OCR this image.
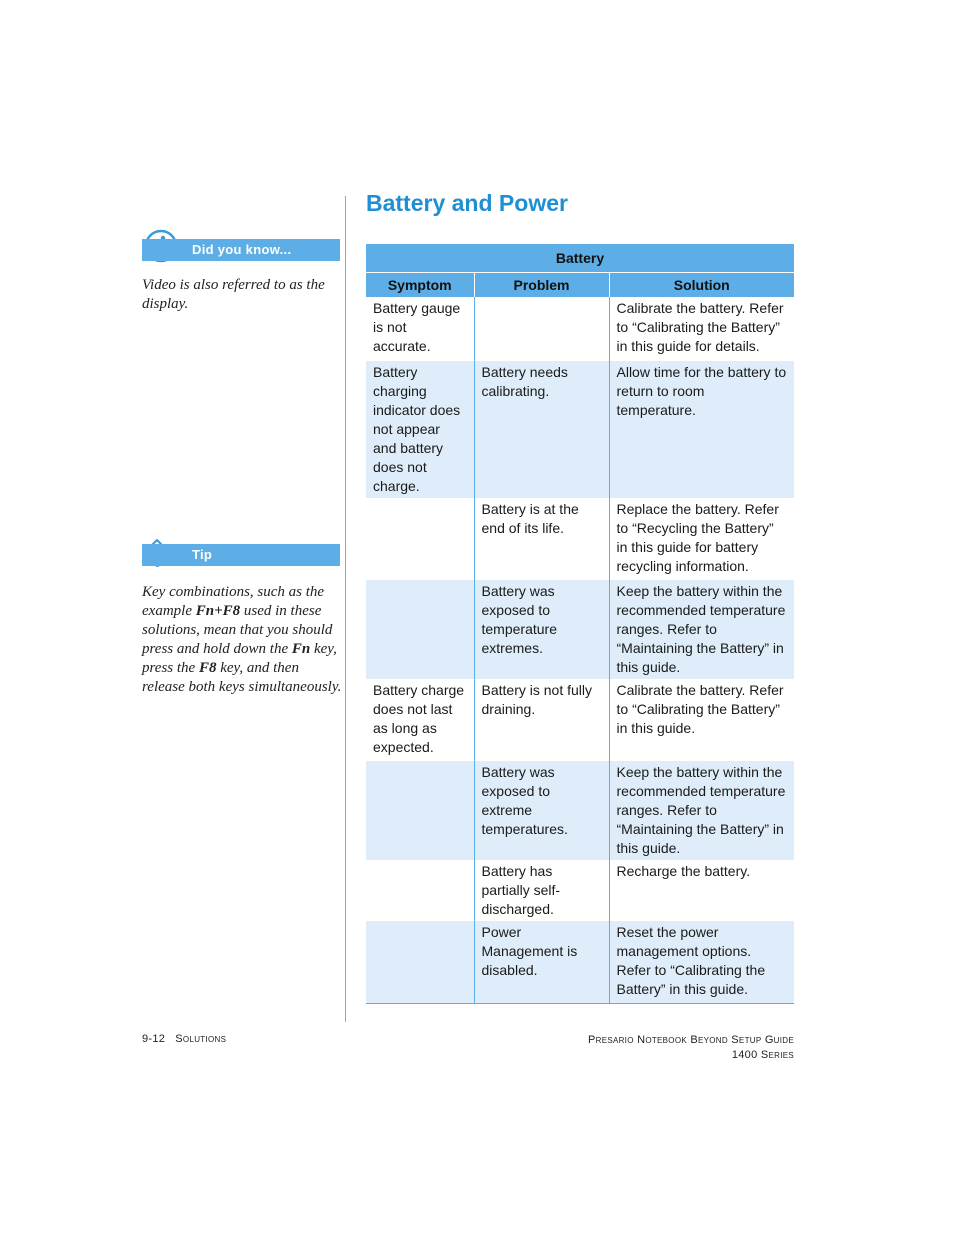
Did you know...
Video is also referred to as the display.
Tip
Key combinations, such as the example Fn+F8 used in these solutions, mean that you should press and hold down the Fn key, press the F8 key, and then release both keys simultaneously.
Battery and Power
Battery		
Symptom	Problem	Solution
Battery gauge is not accurate.		Calibrate the battery. Refer to “Calibrating the Battery” in this guide for details.
Battery charging indicator does not appear and battery does not charge.	Battery needs calibrating.	Allow time for the battery to return to room temperature.
	Battery is at the end of its life.	Replace the battery. Refer to “Recycling the Battery” in this guide for battery recycling information.
	Battery was exposed to temperature extremes.	Keep the battery within the recommended temperature ranges. Refer to “Maintaining the Battery” in this guide.
Battery charge does not last as long as expected.	Battery is not fully draining.	Calibrate the battery. Refer to “Calibrating the Battery” in this guide.
	Battery was exposed to extreme temperatures.	Keep the battery within the recommended temperature ranges. Refer to “Maintaining the Battery” in this guide.
	Battery has partially self-discharged.	Recharge the battery.
	Power Management is disabled.	Reset the power management options. Refer to “Calibrating the Battery” in this guide.
9-12 Solutions	Presario Notebook Beyond Setup Guide
1400 Series
